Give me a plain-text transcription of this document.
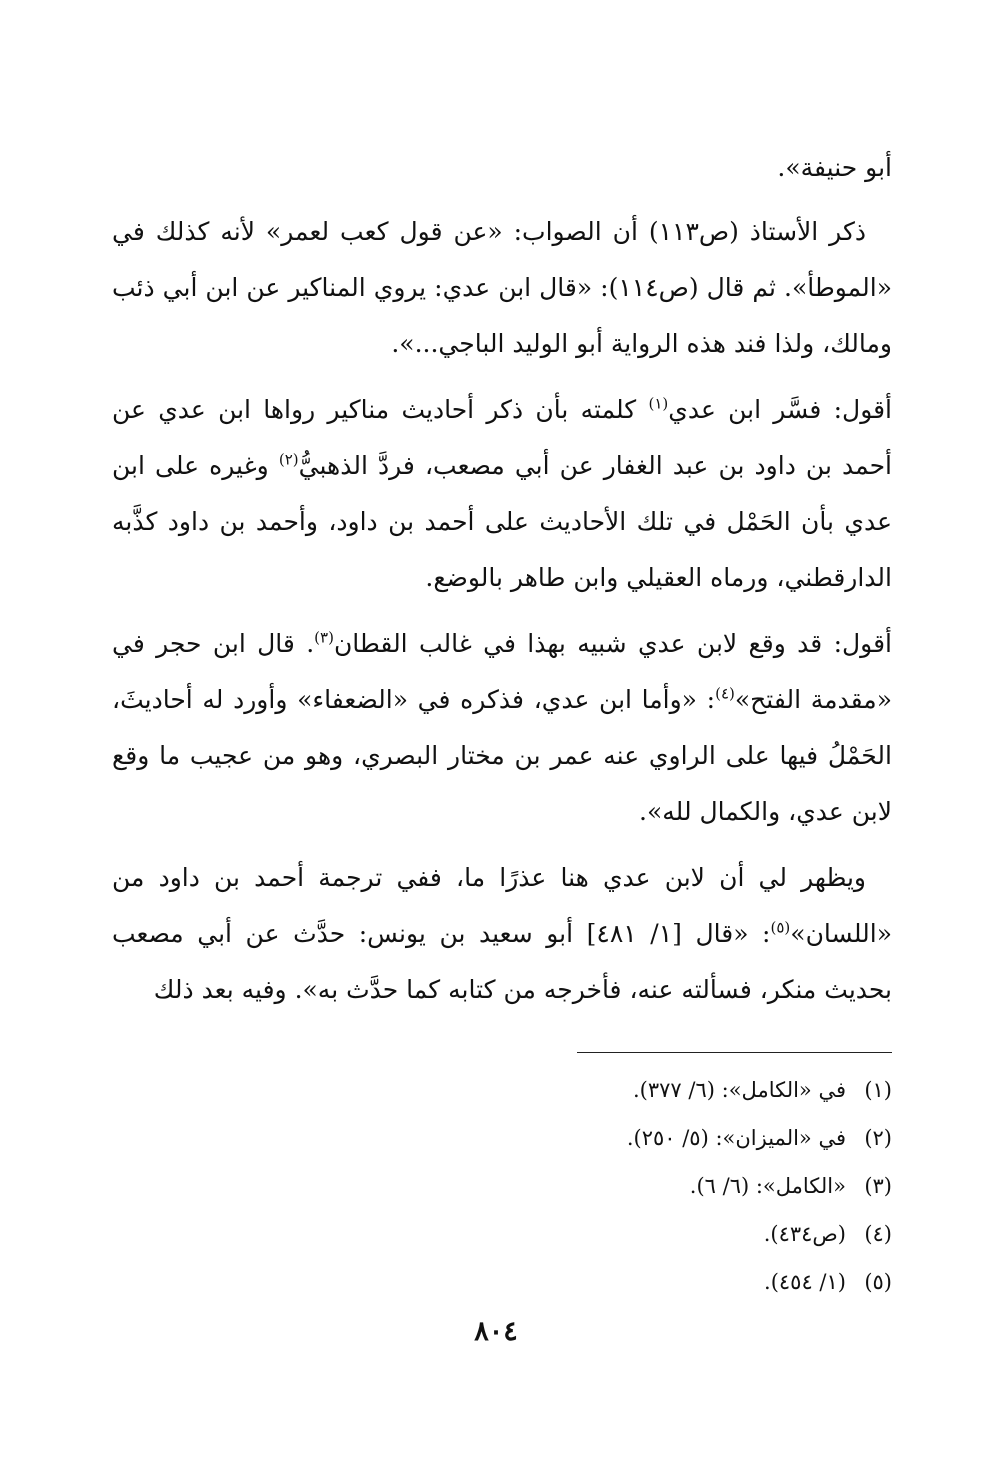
أبو حنيفة».

ذكر الأستاذ (ص١١٣) أن الصواب: «عن قول كعب لعمر» لأنه كذلك في «الموطأ». ثم قال (ص١١٤): «قال ابن عدي: يروي المناكير عن ابن أبي ذئب ومالك، ولذا فند هذه الرواية أبو الوليد الباجي...».

أقول: فسَّر ابن عدي$^{(١)}$ كلمته بأن ذكر أحاديث مناكير رواها ابن عدي عن أحمد بن داود بن عبد الغفار عن أبي مصعب، فردَّ الذهبيُّ$^{(٢)}$ وغيره على ابن عدي بأن الحَمْل في تلك الأحاديث على أحمد بن داود، وأحمد بن داود كذَّبه الدارقطني، ورماه العقيلي وابن طاهر بالوضع.

أقول: قد وقع لابن عدي شبيه بهذا في غالب القطان$^{(٣)}$. قال ابن حجر في «مقدمة الفتح»$^{(٤)}$: «وأما ابن عدي، فذكره في «الضعفاء» وأورد له أحاديثَ، الحَمْلُ فيها على الراوي عنه عمر بن مختار البصري، وهو من عجيب ما وقع لابن عدي، والكمال لله».

ويظهر لي أن لابن عدي هنا عذرًا ما، ففي ترجمة أحمد بن داود من «اللسان»$^{(٥)}$: «قال [١/ ٤٨١] أبو سعيد بن يونس: حدَّث عن أبي مصعب بحديث منكر، فسألته عنه، فأخرجه من كتابه كما حدَّث به». وفيه بعد ذلك

(١)في «الكامل»: (٦/ ٣٧٧).
(٢)في «الميزان»: (٥/ ٢٥٠).
(٣)«الكامل»: (٦/ ٦).
(٤)(ص٤٣٤).
(٥)(١/ ٤٥٤).
٨٠٤
